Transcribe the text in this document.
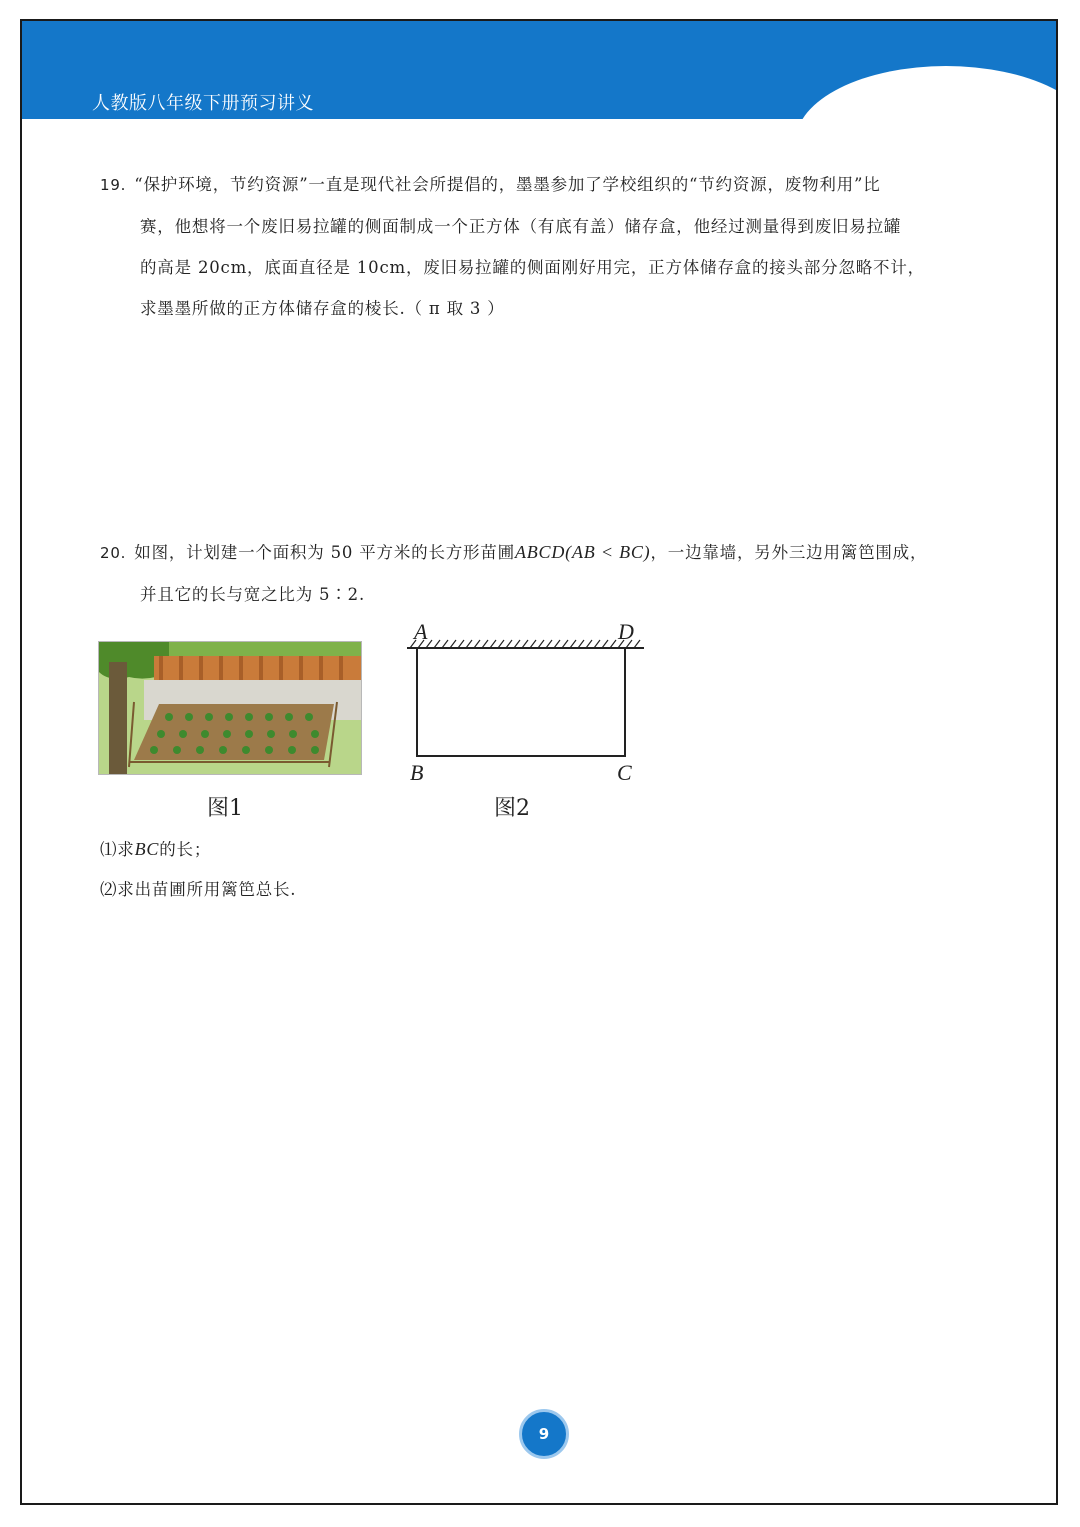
人教版八年级下册预习讲义
19. “保护环境，节约资源”一直是现代社会所提倡的，墨墨参加了学校组织的“节约资源，废物利用”比
赛，他想将一个废旧易拉罐的侧面制成一个正方体（有底有盖）储存盒，他经过测量得到废旧易拉罐
的高是 20cm，底面直径是 10cm，废旧易拉罐的侧面刚好用完，正方体储存盒的接头部分忽略不计，
求墨墨所做的正方体储存盒的棱长.（ π 取 3 ）
20. 如图，计划建一个面积为 50 平方米的长方形苗圃ABCD(AB < BC)，一边靠墙，另外三边用篱笆围成，
并且它的长与宽之比为 5∶2.
A	D
B	C
图1	图2
⑴求BC的长；
⑵求出苗圃所用篱笆总长.
9
